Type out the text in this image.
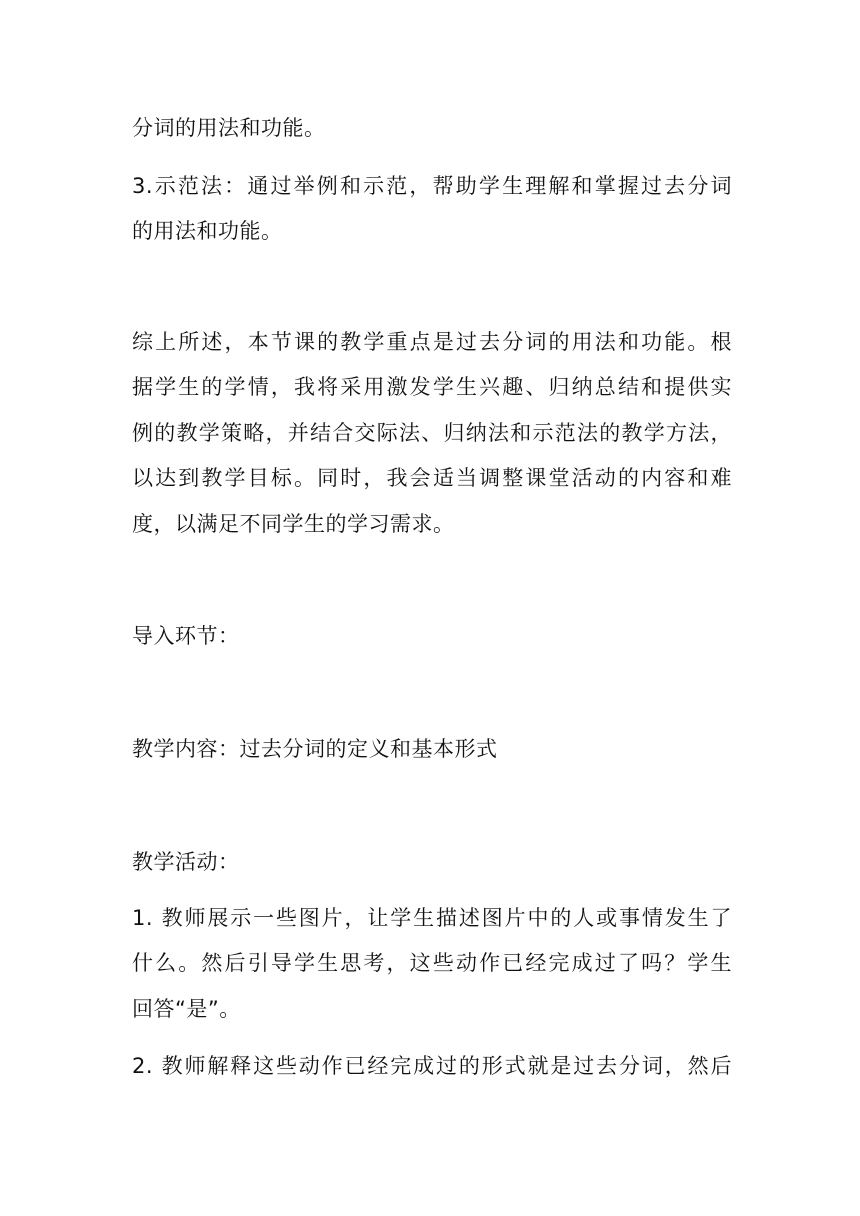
分词的用法和功能。
3.示范法：通过举例和示范，帮助学生理解和掌握过去分词
的用法和功能。
综上所述，本节课的教学重点是过去分词的用法和功能。根
据学生的学情，我将采用激发学生兴趣、归纳总结和提供实
例的教学策略，并结合交际法、归纳法和示范法的教学方法，
以达到教学目标。同时，我会适当调整课堂活动的内容和难
度，以满足不同学生的学习需求。
导入环节：
教学内容：过去分词的定义和基本形式
教学活动：
1. 教师展示一些图片，让学生描述图片中的人或事情发生了
什么。然后引导学生思考，这些动作已经完成过了吗？学生
回答“是”。
2. 教师解释这些动作已经完成过的形式就是过去分词，然后
